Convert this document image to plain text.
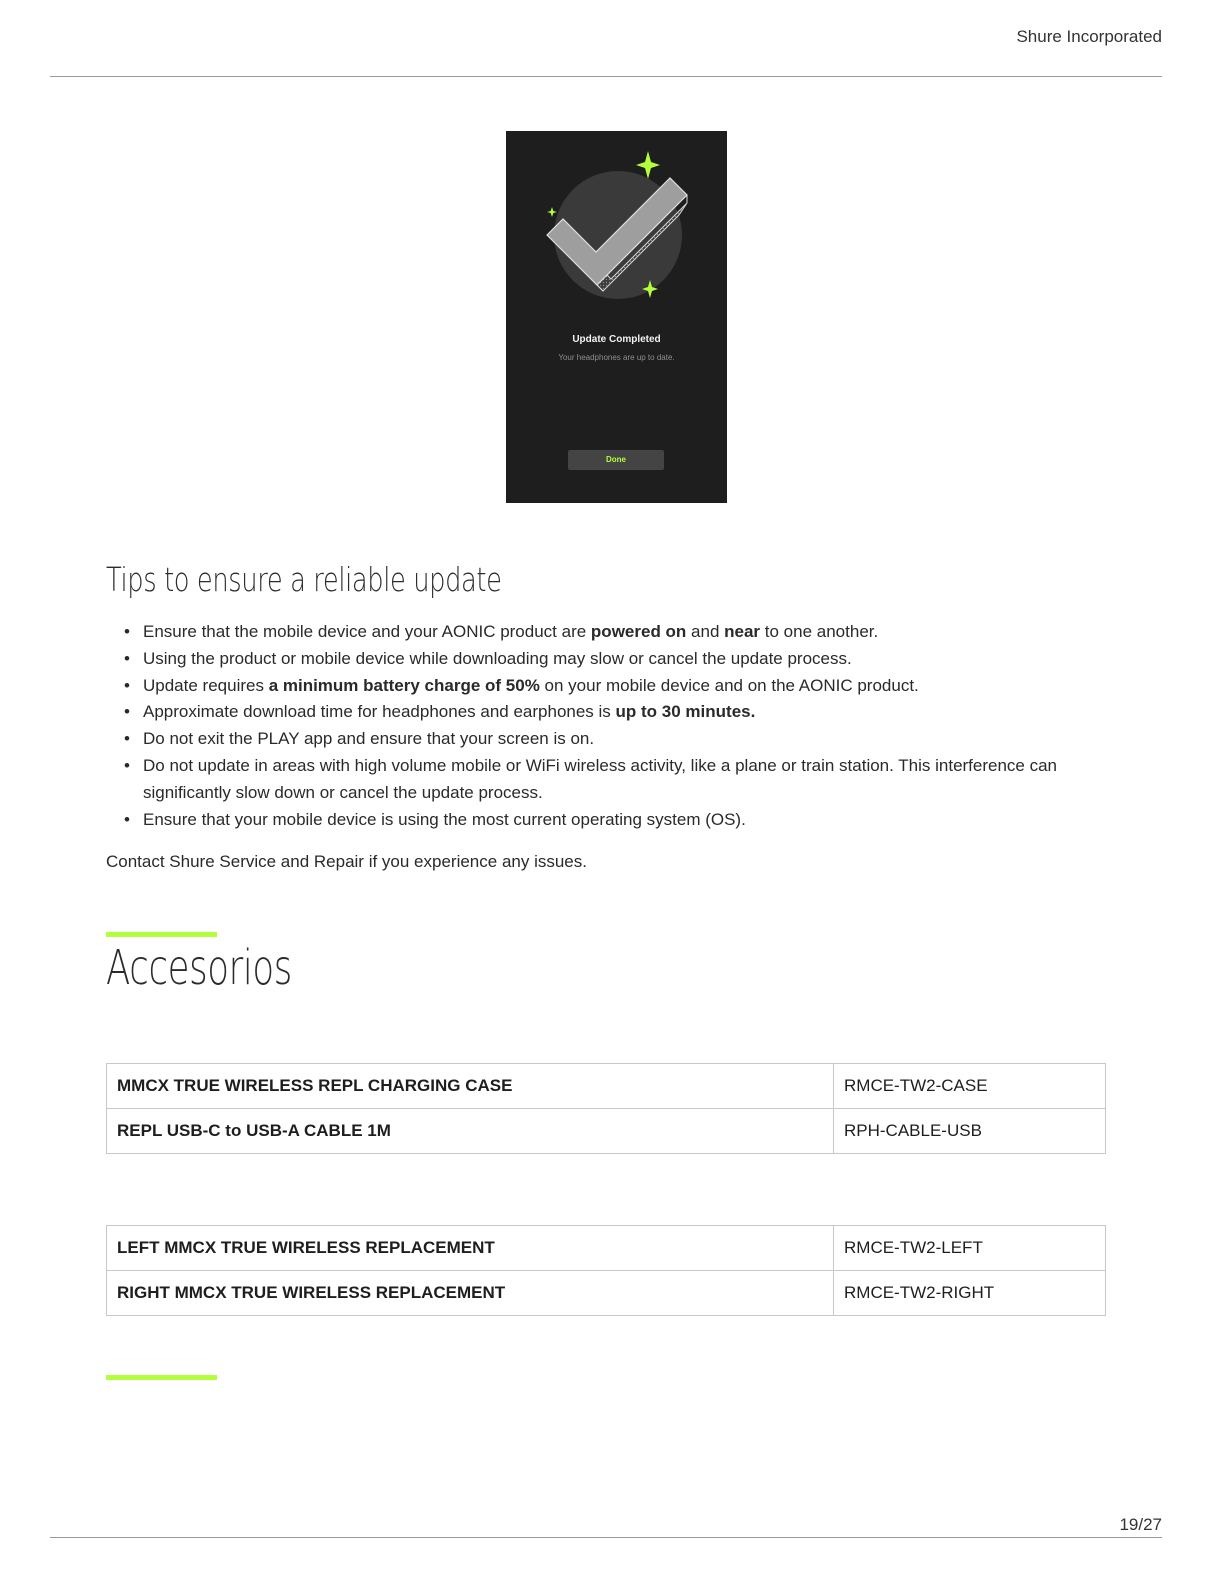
Shure Incorporated
Update Completed
Your headphones are up to date.
Done
Tips to ensure a reliable update
• Ensure that the mobile device and your AONIC product are powered on and near to one another.
• Using the product or mobile device while downloading may slow or cancel the update process.
• Update requires a minimum battery charge of 50% on your mobile device and on the AONIC product.
• Approximate download time for headphones and earphones is up to 30 minutes.
• Do not exit the PLAY app and ensure that your screen is on.
• Do not update in areas with high volume mobile or WiFi wireless activity, like a plane or train station. This interference can significantly slow down or cancel the update process.
• Ensure that your mobile device is using the most current operating system (OS).
Contact Shure Service and Repair if you experience any issues.
Accesorios
MMCX TRUE WIRELESS REPL CHARGING CASE	RMCE-TW2-CASE
REPL USB-C to USB-A CABLE 1M	RPH-CABLE-USB
LEFT MMCX TRUE WIRELESS REPLACEMENT	RMCE-TW2-LEFT
RIGHT MMCX TRUE WIRELESS REPLACEMENT	RMCE-TW2-RIGHT
19/27
